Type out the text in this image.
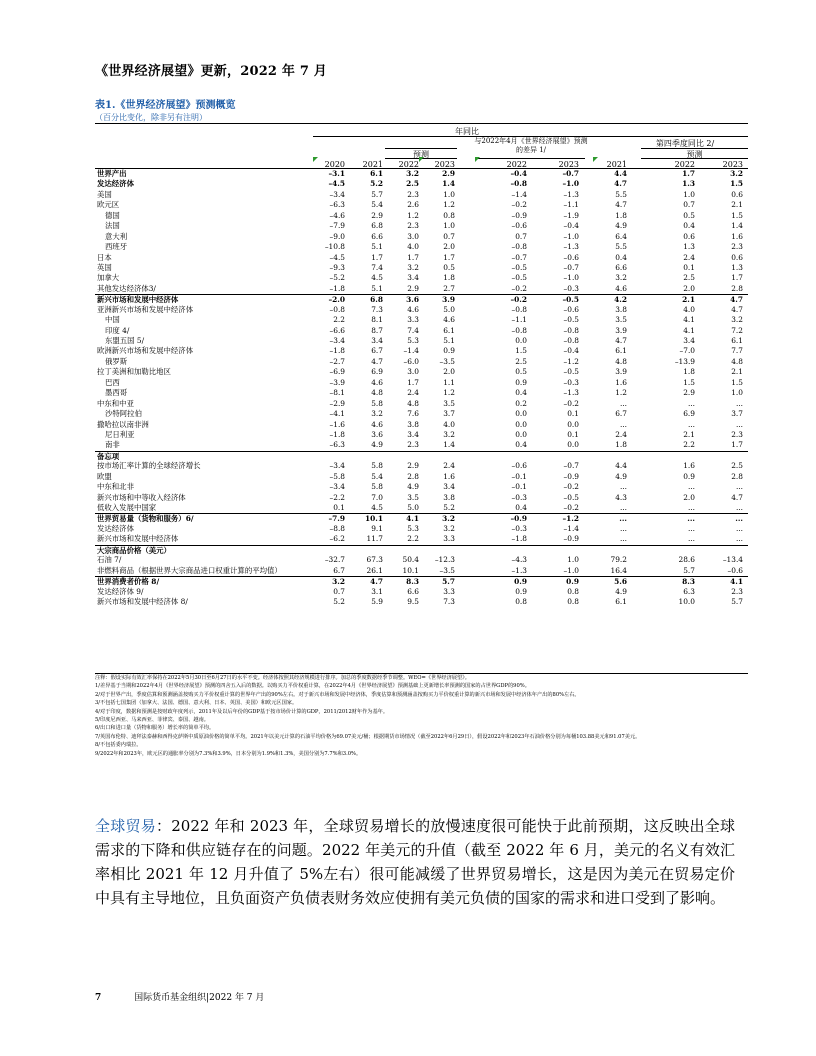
《世界经济展望》更新，2022 年 7 月
表1.《世界经济展望》预测概览
（百分比变化，除非另有注明）
年同比
与2022年4月《世界经济展望》预测的差异 1/
第四季度同比 2/
预测	预测
2020	2021	2022	2023	2022	2023	2021	2022	2023
世界产出	–3.1	6.1	3.2	2.9	–0.4	–0.7	4.4	1.7	3.2
发达经济体	–4.5	5.2	2.5	1.4	–0.8	–1.0	4.7	1.3	1.5
美国	–3.4	5.7	2.3	1.0	–1.4	–1.3	5.5	1.0	0.6
欧元区	–6.3	5.4	2.6	1.2	–0.2	–1.1	4.7	0.7	2.1
德国	–4.6	2.9	1.2	0.8	–0.9	–1.9	1.8	0.5	1.5
法国	–7.9	6.8	2.3	1.0	–0.6	–0.4	4.9	0.4	1.4
意大利	–9.0	6.6	3.0	0.7	0.7	–1.0	6.4	0.6	1.6
西班牙	–10.8	5.1	4.0	2.0	–0.8	–1.3	5.5	1.3	2.3
日本	–4.5	1.7	1.7	1.7	–0.7	–0.6	0.4	2.4	0.6
英国	–9.3	7.4	3.2	0.5	–0.5	–0.7	6.6	0.1	1.3
加拿大	–5.2	4.5	3.4	1.8	–0.5	–1.0	3.2	2.5	1.7
其他发达经济体3/	–1.8	5.1	2.9	2.7	–0.2	–0.3	4.6	2.0	2.8
新兴市场和发展中经济体	–2.0	6.8	3.6	3.9	–0.2	–0.5	4.2	2.1	4.7
亚洲新兴市场和发展中经济体	–0.8	7.3	4.6	5.0	–0.8	–0.6	3.8	4.0	4.7
中国	2.2	8.1	3.3	4.6	–1.1	–0.5	3.5	4.1	3.2
印度 4/	–6.6	8.7	7.4	6.1	–0.8	–0.8	3.9	4.1	7.2
东盟五国 5/	–3.4	3.4	5.3	5.1	0.0	–0.8	4.7	3.4	6.1
欧洲新兴市场和发展中经济体	–1.8	6.7	–1.4	0.9	1.5	–0.4	6.1	–7.0	7.7
俄罗斯	–2.7	4.7	–6.0	–3.5	2.5	–1.2	4.8	–13.9	4.8
拉丁美洲和加勒比地区	–6.9	6.9	3.0	2.0	0.5	–0.5	3.9	1.8	2.1
巴西	–3.9	4.6	1.7	1.1	0.9	–0.3	1.6	1.5	1.5
墨西哥	–8.1	4.8	2.4	1.2	0.4	–1.3	1.2	2.9	1.0
中东和中亚	–2.9	5.8	4.8	3.5	0.2	–0.2	...	...	...
沙特阿拉伯	–4.1	3.2	7.6	3.7	0.0	0.1	6.7	6.9	3.7
撒哈拉以南非洲	–1.6	4.6	3.8	4.0	0.0	0.0	...	...	...
尼日利亚	–1.8	3.6	3.4	3.2	0.0	0.1	2.4	2.1	2.3
南非	–6.3	4.9	2.3	1.4	0.4	0.0	1.8	2.2	1.7
备忘项
按市场汇率计算的全球经济增长	–3.4	5.8	2.9	2.4	–0.6	–0.7	4.4	1.6	2.5
欧盟	–5.8	5.4	2.8	1.6	–0.1	–0.9	4.9	0.9	2.8
中东和北非	–3.4	5.8	4.9	3.4	–0.1	–0.2	...	...	...
新兴市场和中等收入经济体	–2.2	7.0	3.5	3.8	–0.3	–0.5	4.3	2.0	4.7
低收入发展中国家	0.1	4.5	5.0	5.2	0.4	–0.2	...	...	...
世界贸易量（货物和服务）6/	–7.9	10.1	4.1	3.2	–0.9	–1.2	...	...	...
发达经济体	–8.8	9.1	5.3	3.2	–0.3	–1.4	...	...	...
新兴市场和发展中经济体	–6.2	11.7	2.2	3.3	–1.8	–0.9	...	...	...
大宗商品价格（美元）
石油 7/	–32.7	67.3	50.4	–12.3	–4.3	1.0	79.2	28.6	–13.4
非燃料商品（根据世界大宗商品进口权重计算的平均值）	6.7	26.1	10.1	–3.5	–1.3	–1.0	16.4	5.7	–0.6
世界消费者价格 8/	3.2	4.7	8.3	5.7	0.9	0.9	5.6	8.3	4.1
发达经济体 9/	0.7	3.1	6.6	3.3	0.9	0.8	4.9	6.3	2.3
新兴市场和发展中经济体 8/	5.2	5.9	9.5	7.3	0.8	0.8	6.1	10.0	5.7
注释：假设实际有效汇率保持在2022年5月30日至6月27日的水平不变。经济体按照其经济规模进行排序。加总的季度数据经季节调整。WEO=《世界经济展望》。
1/差异基于当期和2022年4月《世界经济展望》预测的四舍五入后的数据。以购买力平价权重计算，在2022年4月《世界经济展望》预测基础上更新增长率预测的国家的占世界GDP的90%。
2/对于世界产出，季度估算和预测涵盖按购买力平价权重计算的世界年产出的90%左右。对于新兴市场和发展中经济体，季度估算和预测涵盖按购买力平价权重计算的新兴市场和发展中经济体年产出的80%左右。
3/不包括七国集团（加拿大、法国、德国、意大利、日本、英国、美国）和欧元区国家。
4/对于印度，数据和预测是按财政年度列示，2011年及以后年份的GDP基于按市场价计算的GDP，2011/2012财年作为基年。
5/印度尼西亚、马来西亚、菲律宾、泰国、越南。
6/出口和进口量（货物和服务）增长率的简单平均。
7/英国布伦特、迪拜法泰赫和西得克萨斯中质原油价格的简单平均。2021年以美元计算的石油平均价格为69.07美元/桶；根据期货市场情况（截至2022年6月29日），假设2022年和2023年石油价格分别为每桶103.88美元和91.07美元。
8/不包括委内瑞拉。
9/2022年和2023年，欧元区的通胀率分别为7.3%和3.9%，日本分别为1.9%和1.3%，美国分别为7.7%和3.0%。
全球贸易：2022 年和 2023 年，全球贸易增长的放慢速度很可能快于此前预期，这反映出全球需求的下降和供应链存在的问题。2022 年美元的升值（截至 2022 年 6 月，美元的名义有效汇率相比 2021 年 12 月升值了 5%左右）很可能减缓了世界贸易增长，这是因为美元在贸易定价中具有主导地位，且负面资产负债表财务效应使拥有美元负债的国家的需求和进口受到了影响。
7	国际货币基金组织|2022 年 7 月
